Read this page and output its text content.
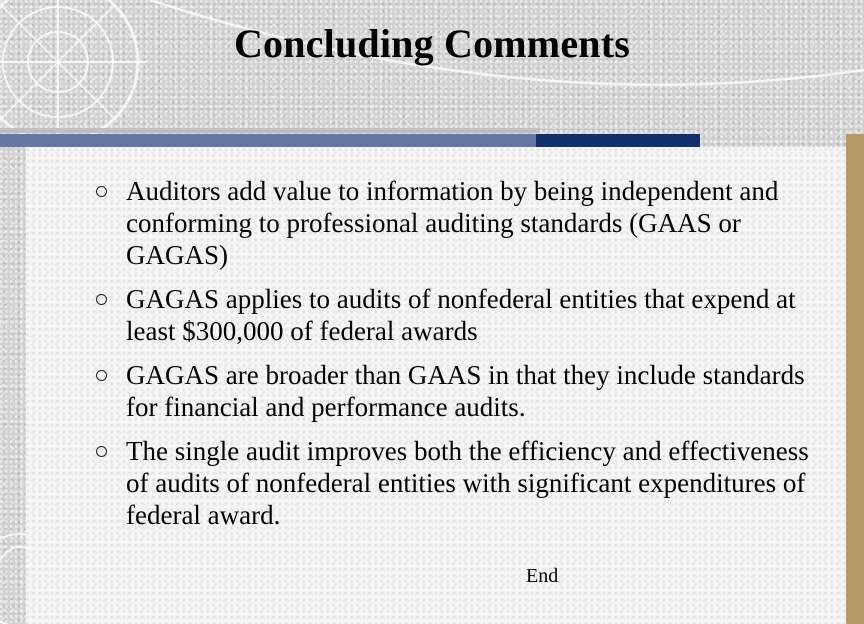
Concluding Comments
Auditors add value to information by being independent and conforming to professional auditing standards (GAAS or GAGAS)
GAGAS applies to audits of nonfederal entities that expend at least $300,000 of federal awards
GAGAS are broader than GAAS in that they include standards for financial and performance audits.
The single audit improves both the efficiency and effectiveness of audits of nonfederal entities with significant expenditures of federal award.
End
